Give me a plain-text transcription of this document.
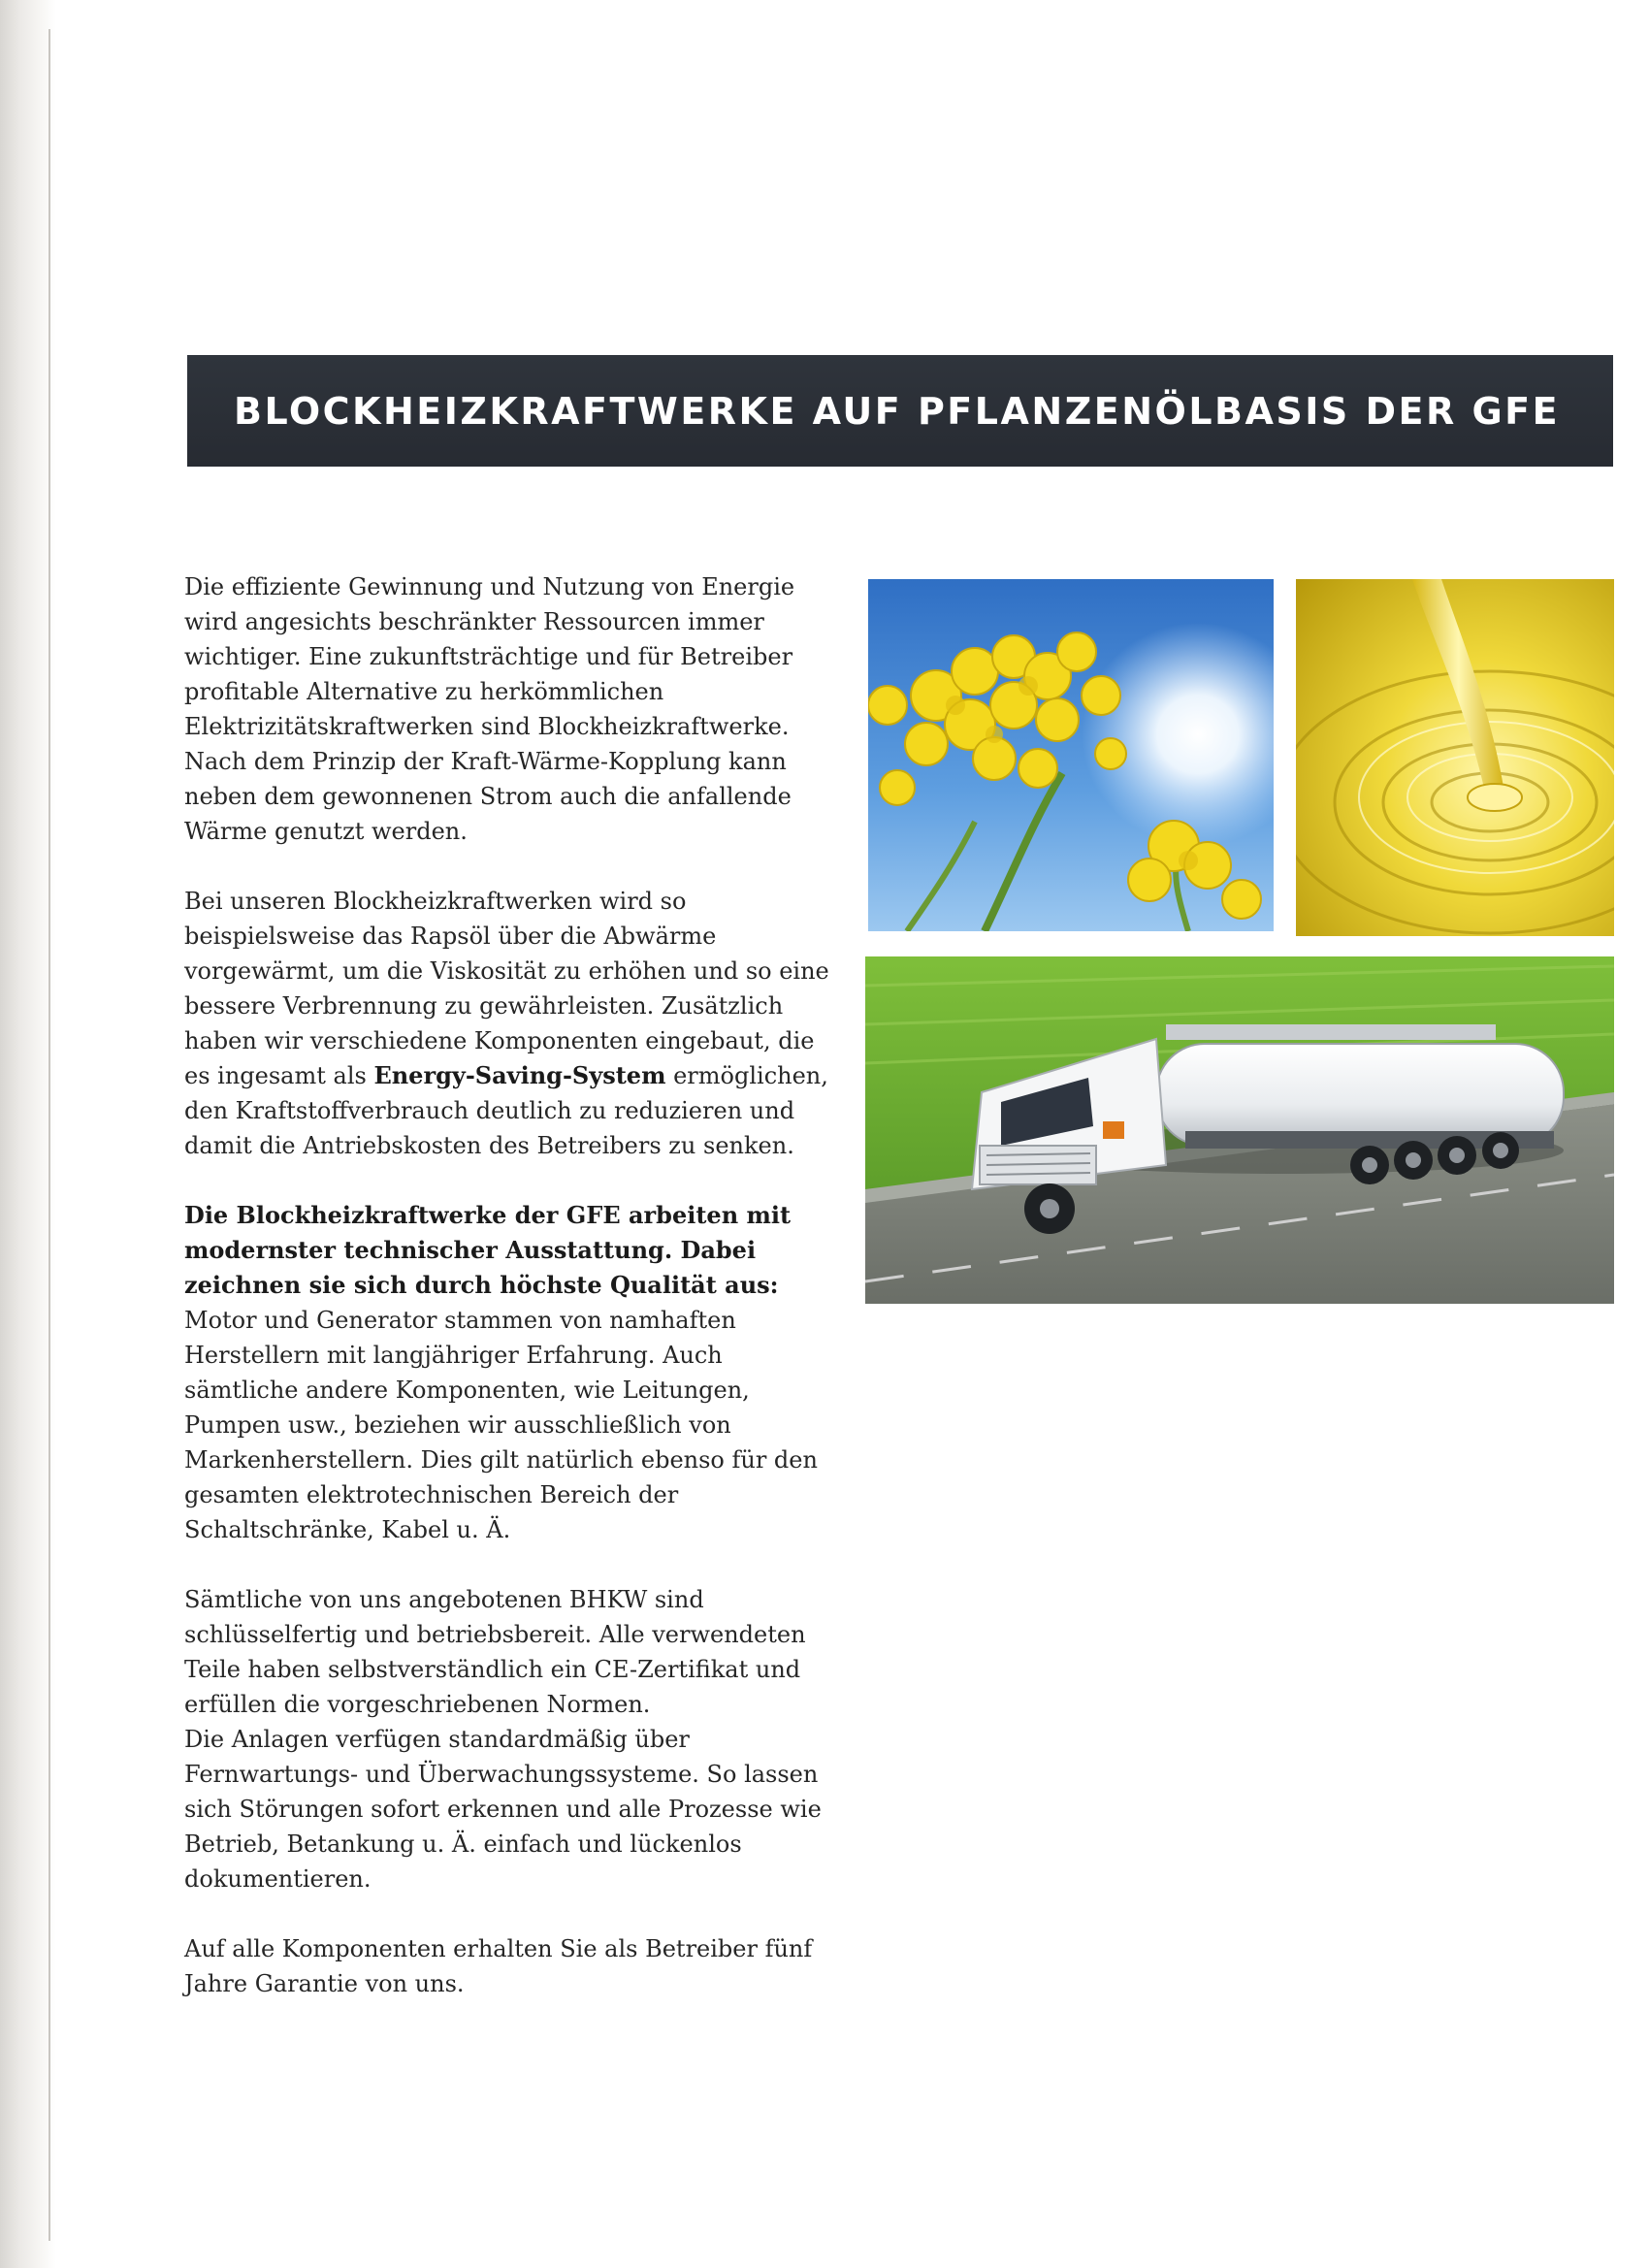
BLOCKHEIZKRAFTWERKE AUF PFLANZENÖLBASIS DER GFE

Die effiziente Gewinnung und Nutzung von Energie wird angesichts beschränkter Ressourcen immer wichtiger. Eine zukunftsträchtige und für Betreiber profitable Alternative zu herkömmlichen Elektrizitätskraftwerken sind Blockheizkraftwerke. Nach dem Prinzip der Kraft-Wärme-Kopplung kann neben dem gewonnenen Strom auch die anfallende Wärme genutzt werden.

Bei unseren Blockheizkraftwerken wird so beispielsweise das Rapsöl über die Abwärme vorgewärmt, um die Viskosität zu erhöhen und so eine bessere Verbrennung zu gewährleisten. Zusätzlich haben wir verschiedene Komponenten eingebaut, die es ingesamt als Energy-Saving-System ermöglichen, den Kraftstoffverbrauch deutlich zu reduzieren und damit die Antriebskosten des Betreibers zu senken.

Die Blockheizkraftwerke der GFE arbeiten mit modernster technischer Ausstattung. Dabei zeichnen sie sich durch höchste Qualität aus: Motor und Generator stammen von namhaften Herstellern mit langjähriger Erfahrung. Auch sämtliche andere Komponenten, wie Leitungen, Pumpen usw., beziehen wir ausschließlich von Markenherstellern. Dies gilt natürlich ebenso für den gesamten elektrotechnischen Bereich der Schaltschränke, Kabel u. Ä.

Sämtliche von uns angebotenen BHKW sind schlüsselfertig und betriebsbereit. Alle verwendeten Teile haben selbstverständlich ein CE-Zertifikat und erfüllen die vorgeschriebenen Normen.

Die Anlagen verfügen standardmäßig über Fernwartungs- und Überwachungssysteme. So lassen sich Störungen sofort erkennen und alle Prozesse wie Betrieb, Betankung u. Ä. einfach und lückenlos dokumentieren.

Auf alle Komponenten erhalten Sie als Betreiber fünf Jahre Garantie von uns.
